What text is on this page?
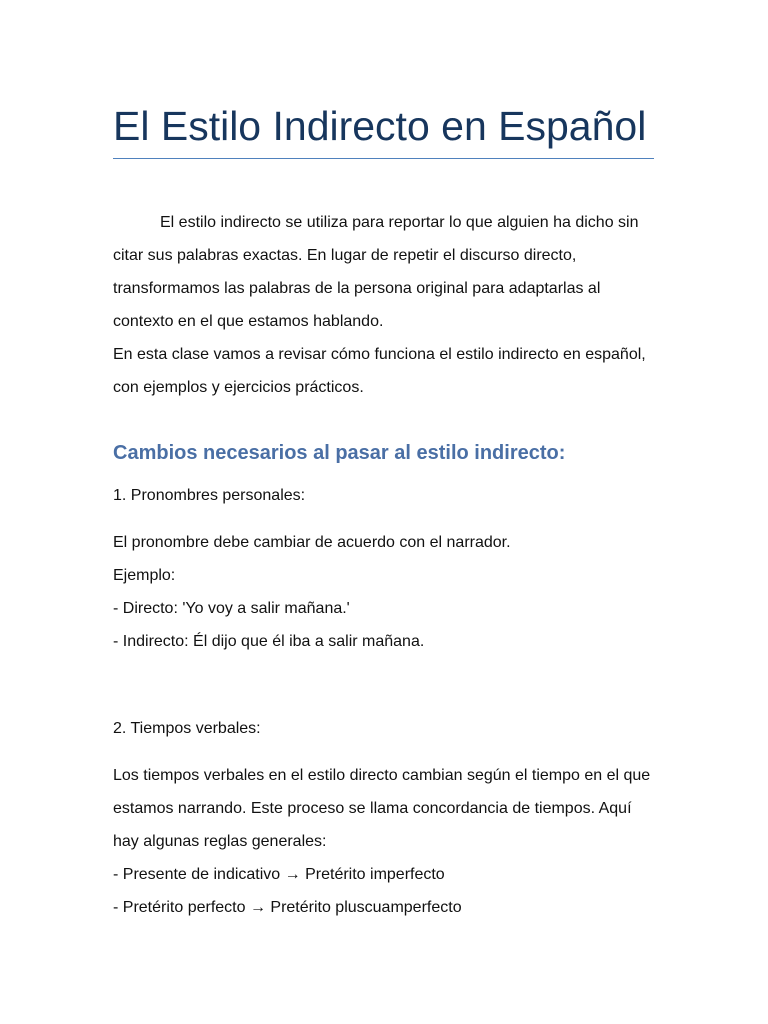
El Estilo Indirecto en Español

El estilo indirecto se utiliza para reportar lo que alguien ha dicho sin citar sus palabras exactas. En lugar de repetir el discurso directo, transformamos las palabras de la persona original para adaptarlas al contexto en el que estamos hablando.

En esta clase vamos a revisar cómo funciona el estilo indirecto en español, con ejemplos y ejercicios prácticos.

Cambios necesarios al pasar al estilo indirecto:

1. Pronombres personales:

El pronombre debe cambiar de acuerdo con el narrador.

Ejemplo:

- Directo: 'Yo voy a salir mañana.'

- Indirecto: Él dijo que él iba a salir mañana.

2. Tiempos verbales:

Los tiempos verbales en el estilo directo cambian según el tiempo en el que estamos narrando. Este proceso se llama concordancia de tiempos. Aquí hay algunas reglas generales:

- Presente de indicativo → Pretérito imperfecto

- Pretérito perfecto → Pretérito pluscuamperfecto
